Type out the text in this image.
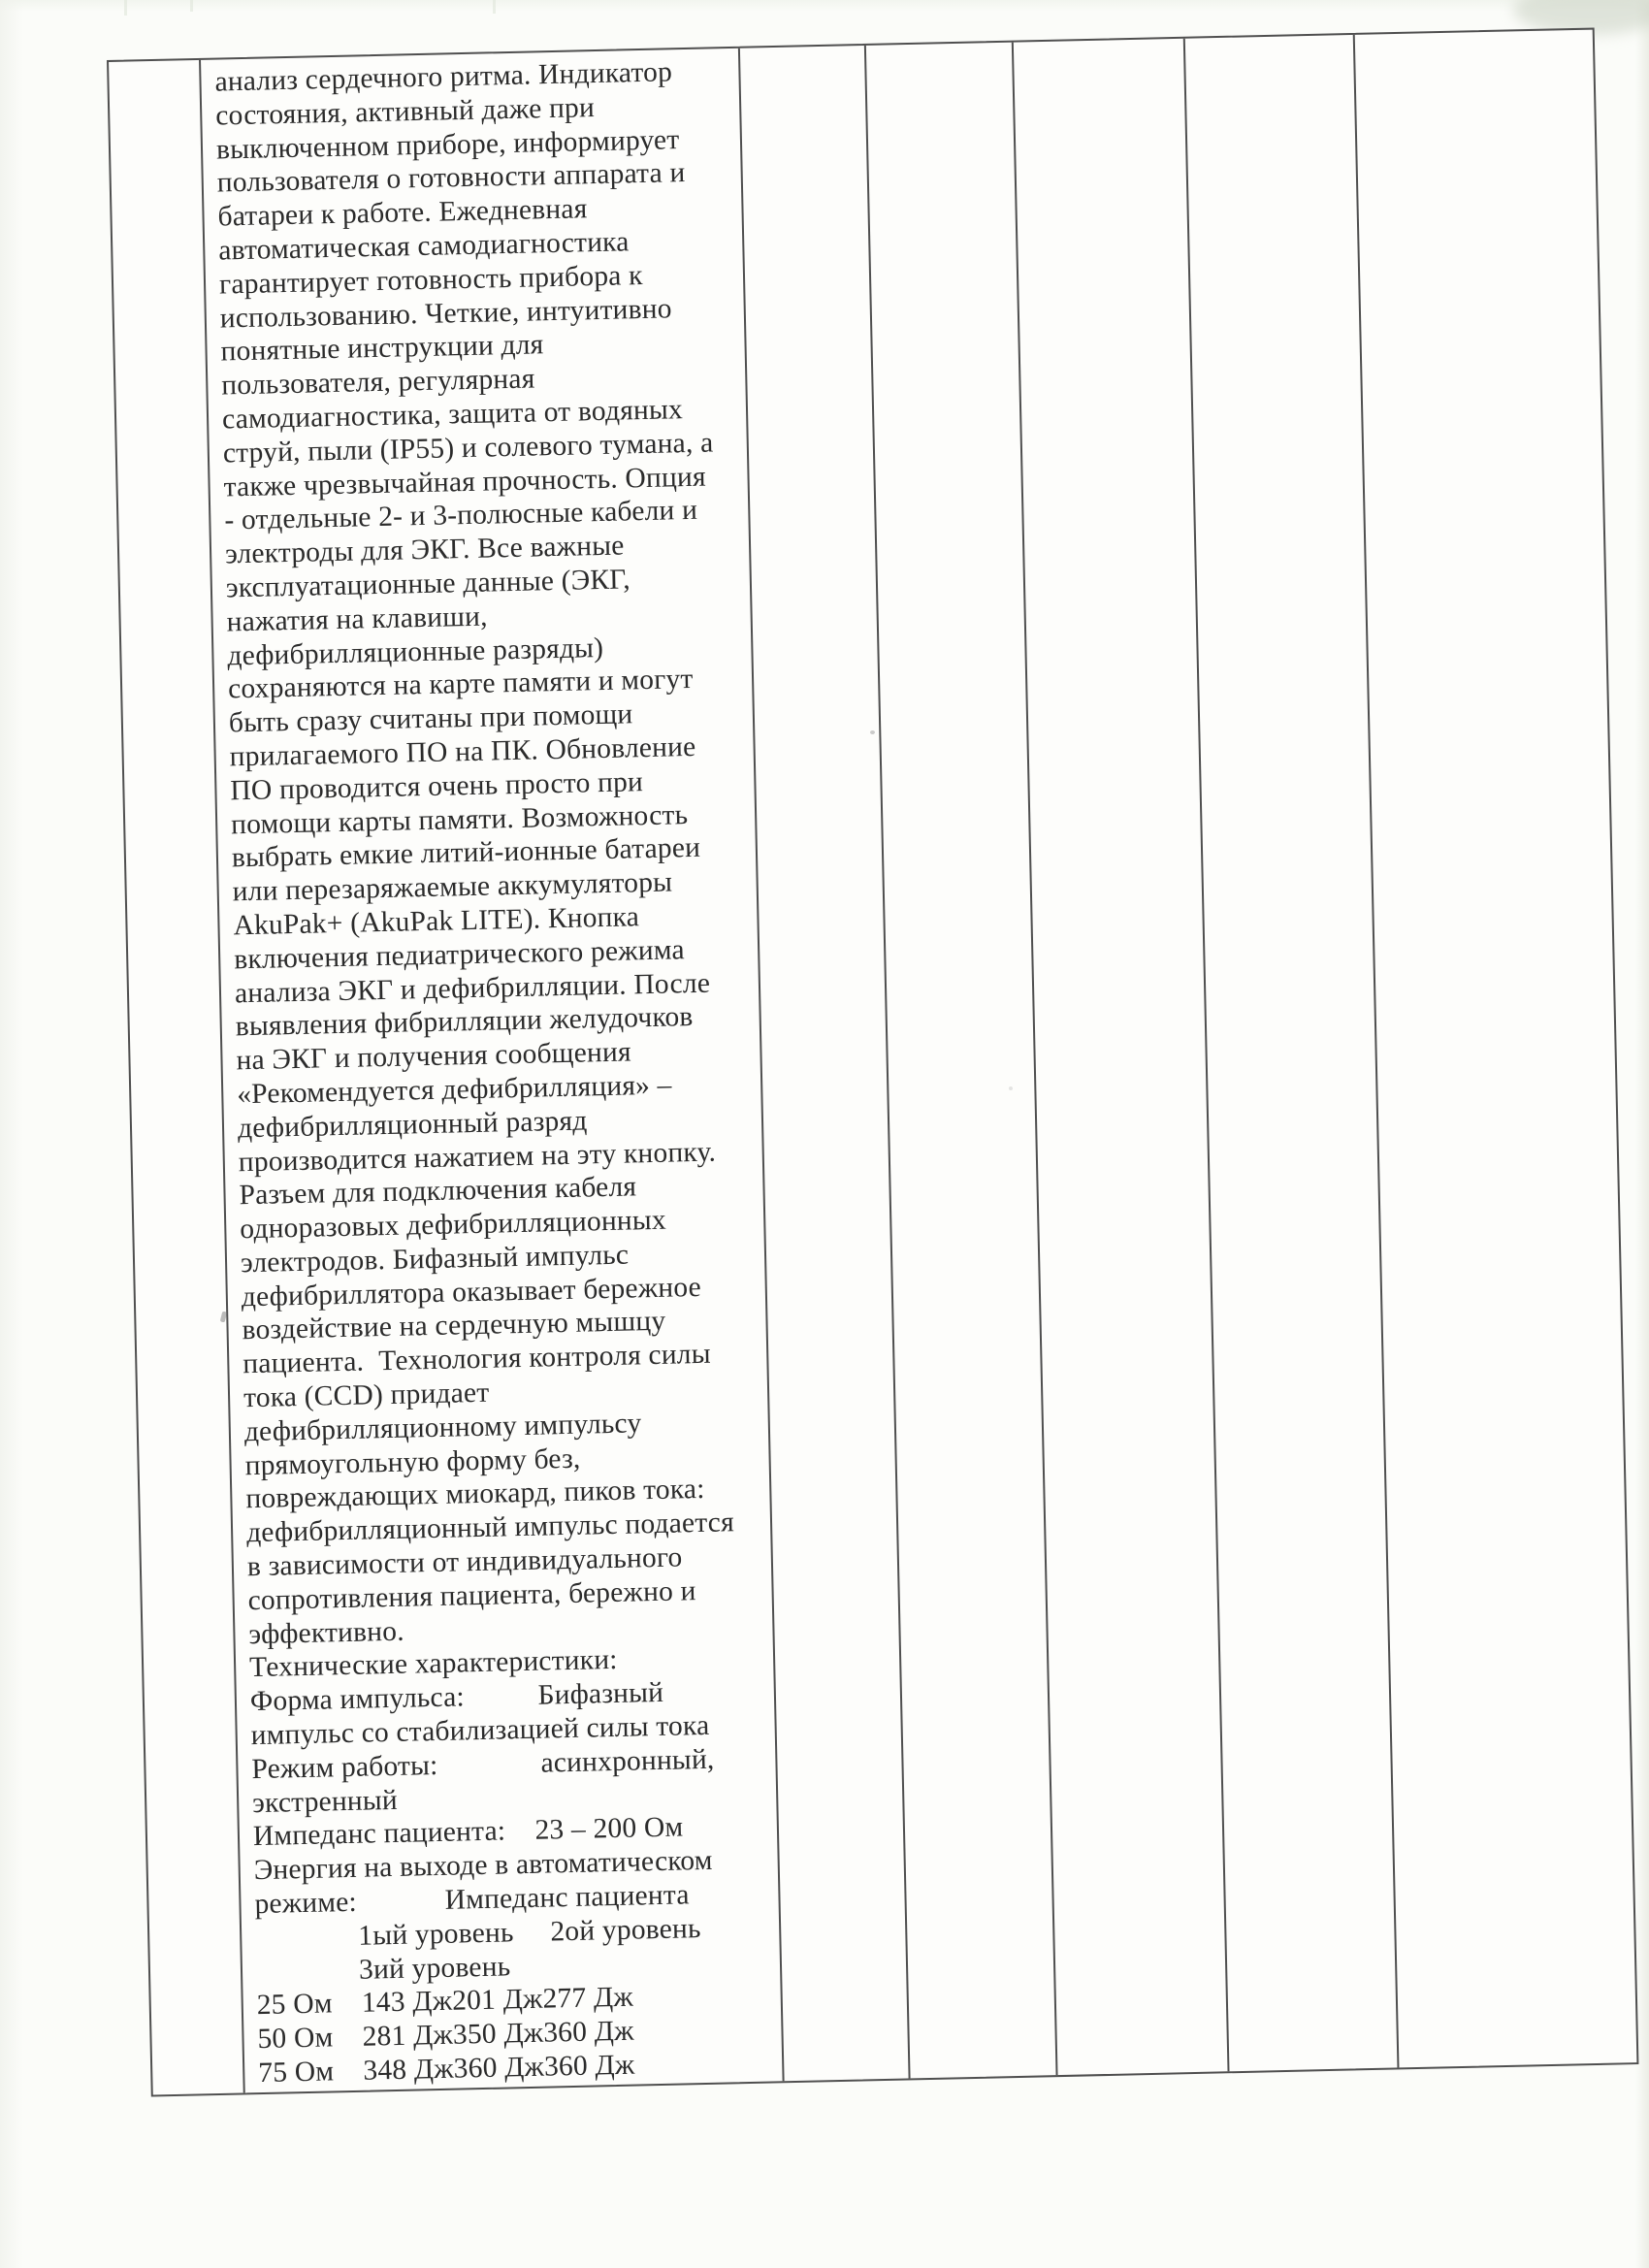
анализ сердечного ритма. Индикатор
состояния, активный даже при
выключенном приборе, информирует
пользователя о готовности аппарата и
батареи к работе. Ежедневная
автоматическая самодиагностика
гарантирует готовность прибора к
использованию. Четкие, интуитивно
понятные инструкции для
пользователя, регулярная
самодиагностика, защита от водяных
струй, пыли (IP55) и солевого тумана, а
также чрезвычайная прочность. Опция
- отдельные 2- и 3-полюсные кабели и
электроды для ЭКГ. Все важные
эксплуатационные данные (ЭКГ,
нажатия на клавиши,
дефибрилляционные разряды)
сохраняются на карте памяти и могут
быть сразу считаны при помощи
прилагаемого ПО на ПК. Обновление
ПО проводится очень просто при
помощи карты памяти. Возможность
выбрать емкие литий-ионные батареи
или перезаряжаемые аккумуляторы
AkuPak+ (AkuPak LITE). Кнопка
включения педиатрического режима
анализа ЭКГ и дефибрилляции. После
выявления фибрилляции желудочков
на ЭКГ и получения сообщения
«Рекомендуется дефибрилляция» –
дефибрилляционный разряд
производится нажатием на эту кнопку.
Разъем для подключения кабеля
одноразовых дефибрилляционных
электродов. Бифазный импульс
дефибриллятора оказывает бережное
воздействие на сердечную мышцу
пациента.  Технология контроля силы
тока (CCD) придает
дефибрилляционному импульсу
прямоугольную форму без,
повреждающих миокард, пиков тока:
дефибрилляционный импульс подается
в зависимости от индивидуального
сопротивления пациента, бережно и
эффективно.
Технические характеристики:
Форма импульса:          Бифазный
импульс со стабилизацией силы тока
Режим работы:              асинхронный,
экстренный
Импеданс пациента:    23 – 200 Ом
Энергия на выходе в автоматическом
режиме:            Импеданс пациента
1ый уровень     2ой уровень
3ий уровень
25 Ом    143 Дж201 Дж277 Дж
50 Ом    281 Дж350 Дж360 Дж
75 Ом    348 Дж360 Дж360 Дж
